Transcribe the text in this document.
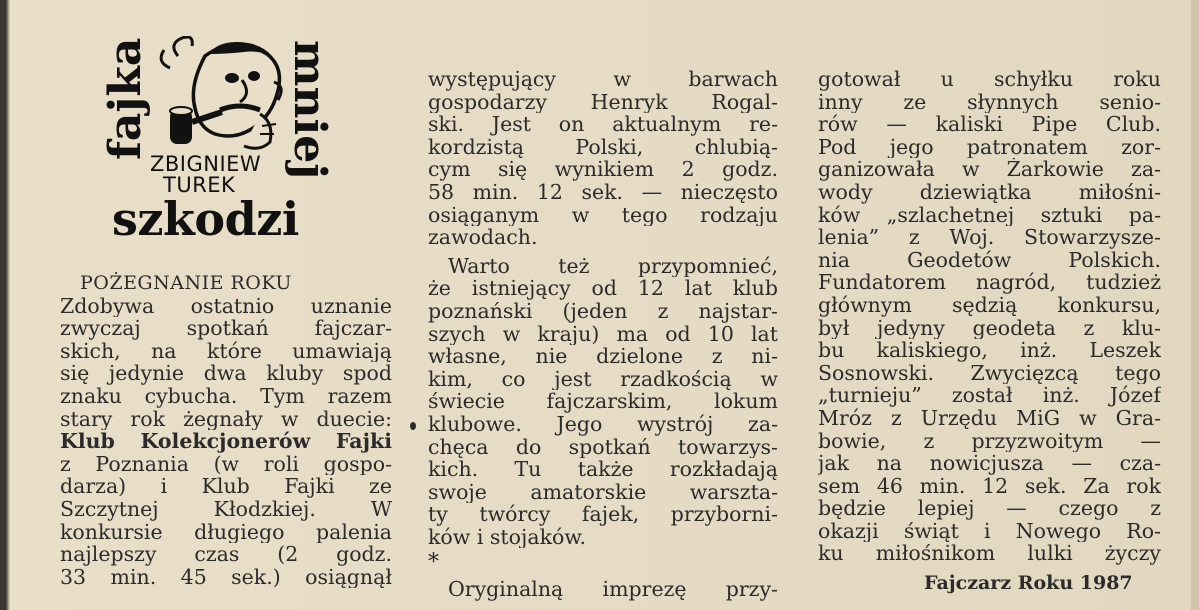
fajka	mniej
ZBIGNIEW
TUREK
szkodzi
POŻEGNANIE ROKU
Zdobywa ostatnio uznanie
zwyczaj spotkań fajczar-
skich, na które umawiają
się jedynie dwa kluby spod
znaku cybucha. Tym razem
stary rok żegnały w duecie:
Klub Kolekcjonerów Fajki
z Poznania (w roli gospo-
darza) i Klub Fajki ze
Szczytnej Kłodzkiej. W
konkursie długiego palenia
najlepszy czas (2 godz.
33 min. 45 sek.) osiągnął
występujący w barwach
gospodarzy Henryk Rogal-
ski. Jest on aktualnym re-
kordzistą Polski, chlubią-
cym się wynikiem 2 godz.
58 min. 12 sek. — nieczęsto
osiąganym w tego rodzaju
zawodach.
Warto też przypomnieć,
że istniejący od 12 lat klub
poznański (jeden z najstar-
szych w kraju) ma od 10 lat
własne, nie dzielone z ni-
kim, co jest rzadkością w
świecie fajczarskim, lokum
klubowe. Jego wystrój za-
chęca do spotkań towarzys-
kich. Tu także rozkładają
swoje amatorskie warszta-
ty twórcy fajek, przyborni-
ków i stojaków.
*
Oryginalną imprezę przy-
gotował u schyłku roku
inny ze słynnych senio-
rów — kaliski Pipe Club.
Pod jego patronatem zor-
ganizowała w Żarkowie za-
wody dziewiątka miłośni-
ków „szlachetnej sztuki pa-
lenia” z Woj. Stowarzysze-
nia Geodetów Polskich.
Fundatorem nagród, tudzież
głównym sędzią konkursu,
był jedyny geodeta z klu-
bu kaliskiego, inż. Leszek
Sosnowski. Zwycięzcą tego
„turnieju” został inż. Józef
Mróz z Urzędu MiG w Gra-
bowie, z przyzwoitym —
jak na nowicjusza — cza-
sem 46 min. 12 sek. Za rok
będzie lepiej — czego z
okazji świąt i Nowego Ro-
ku miłośnikom lulki życzy
Fajczarz Roku 1987
